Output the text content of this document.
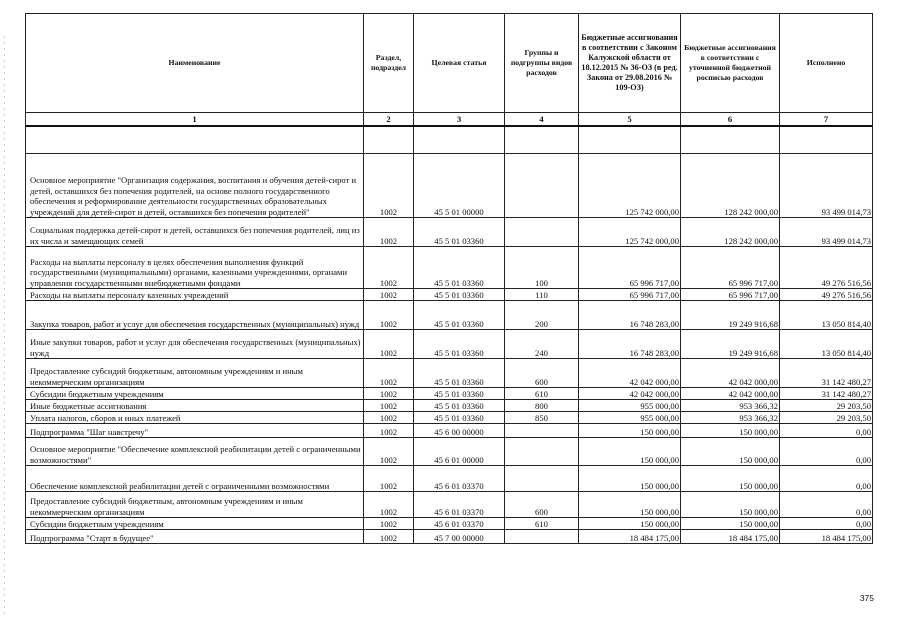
Наименование	Раздел, подраздел	Целевая статья	Группы и подгруппы видов расходов	Бюджетные ассигнования в соответствии с Законом Калужской области от 18.12.2015 № 36-ОЗ (в ред. Закона от 29.08.2016 № 109-ОЗ)	Бюджетные ассигнования в соответствии с уточненной бюджетной росписью расходов	Исполнено
1	2	3	4	5	6	7

Основное мероприятие "Организация содержания, воспитания и обучения детей-сирот и детей, оставшихся без попечения родителей, на основе полного государственного обеспечения и реформирование деятельности государственных образовательных учреждений для детей-сирот и детей, оставшихся без попечения родителей"	1002	45 5 01 00000		125 742 000,00	128 242 000,00	93 499 014,73
Социальная поддержка детей-сирот и детей, оставшихся без попечения родителей, лиц из их числа и замещающих семей	1002	45 5 01 03360		125 742 000,00	128 242 000,00	93 499 014,73
Расходы на выплаты персоналу в целях обеспечения выполнения функций государственными (муниципальными) органами, казенными учреждениями, органами управления государственными внебюджетными фондами	1002	45 5 01 03360	100	65 996 717,00	65 996 717,00	49 276 516,56
Расходы на выплаты персоналу казенных учреждений	1002	45 5 01 03360	110	65 996 717,00	65 996 717,00	49 276 516,56
Закупка товаров, работ и услуг для обеспечения государственных (муниципальных) нужд	1002	45 5 01 03360	200	16 748 283,00	19 249 916,68	13 050 814,40
Иные закупки товаров, работ и услуг для обеспечения государственных (муниципальных) нужд	1002	45 5 01 03360	240	16 748 283,00	19 249 916,68	13 050 814,40
Предоставление субсидий бюджетным, автономным учреждениям и иным некоммерческим организациям	1002	45 5 01 03360	600	42 042 000,00	42 042 000,00	31 142 480,27
Субсидии бюджетным учреждениям	1002	45 5 01 03360	610	42 042 000,00	42 042 000,00	31 142 480,27
Иные бюджетные ассигнования	1002	45 5 01 03360	800	955 000,00	953 366,32	29 203,50
Уплата налогов, сборов и иных платежей	1002	45 5 01 03360	850	955 000,00	953 366,32	29 203,50
Подпрограмма "Шаг навстречу"	1002	45 6 00 00000		150 000,00	150 000,00	0,00
Основное мероприятие "Обеспечение комплексной реабилитации детей с ограниченными возможностями"	1002	45 6 01 00000		150 000,00	150 000,00	0,00
Обеспечение комплексной реабилитации детей с ограниченными возможностями	1002	45 6 01 03370		150 000,00	150 000,00	0,00
Предоставление субсидий бюджетным, автономным учреждениям и иным некоммерческим организациям	1002	45 6 01 03370	600	150 000,00	150 000,00	0,00
Субсидии бюджетным учреждениям	1002	45 6 01 03370	610	150 000,00	150 000,00	0,00
Подпрограмма "Старт в будущее"	1002	45 7 00 00000		18 484 175,00	18 484 175,00	18 484 175,00
375
